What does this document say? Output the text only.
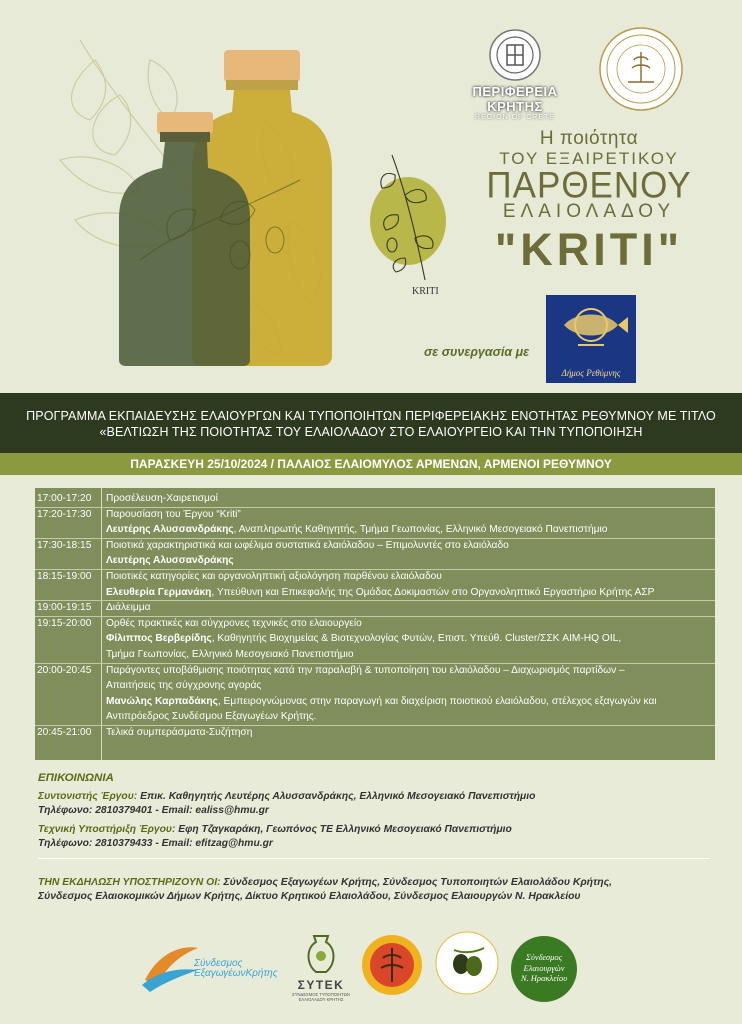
ΠΕΡΙΦΕΡΕΙΑ ΚΡΗΤΗΣ
REGION OF CRETE
Η ποιότητα
ΤΟΥ ΕΞΑΙΡΕΤΙΚΟΥ
ΠΑΡΘΕΝΟΥ
ΕΛΑΙΟΛΑΔΟΥ
"KRITI"
KRITI
σε συνεργασία με
Δήμος Ρεθύμνης
ΠΡΟΓΡΑΜΜΑ ΕΚΠΑΙΔΕΥΣΗΣ ΕΛΑΙΟΥΡΓΩΝ ΚΑΙ ΤΥΠΟΠΟΙΗΤΩΝ ΠΕΡΙΦΕΡΕΙΑΚΗΣ ΕΝΟΤΗΤΑΣ ΡΕΘΥΜΝΟΥ ΜΕ ΤΙΤΛΟ
«ΒΕΛΤΙΩΣΗ ΤΗΣ ΠΟΙΟΤΗΤΑΣ ΤΟΥ ΕΛΑΙΟΛΑΔΟΥ ΣΤΟ ΕΛΑΙΟΥΡΓΕΙΟ ΚΑΙ ΤΗΝ ΤΥΠΟΠΟΙΗΣΗ
ΠΑΡΑΣΚΕΥΗ 25/10/2024 / ΠΑΛΑΙΟΣ ΕΛΑΙΟΜΥΛΟΣ ΑΡΜΕΝΩΝ, ΑΡΜΕΝΟΙ ΡΕΘΥΜΝΟΥ
17:00-17:20	Προσέλευση-Χαιρετισμοί
17:20-17:30	Παρουσίαση του Έργου “Kriti”
Λευτέρης Αλυσσανδράκης, Αναπληρωτής Καθηγητής, Τμήμα Γεωπονίας, Ελληνικό Μεσογειακό Πανεπιστήμιο
17:30-18:15	Ποιοτικά χαρακτηριστικά και ωφέλιμα συστατικά ελαιόλαδου – Επιμολυντές στο ελαιόλαδο
Λευτέρης Αλυσσανδράκης
18:15-19:00	Ποιοτικές κατηγορίες και οργανοληπτική αξιολόγηση παρθένου ελαιόλαδου
Ελευθερία Γερμανάκη, Υπεύθυνη και Επικεφαλής της Ομάδας Δοκιμαστών στο Οργανοληπτικό Εργαστήριο Κρήτης ΑΣΡ
19:00-19:15	Διάλειμμα
19:15-20:00	Ορθές πρακτικές και σύγχρονες τεχνικές στο ελαιουργείο
Φίλιππος Βερβερίδης, Καθηγητής Βιοχημείας & Βιοτεχνολογίας Φυτών, Επιστ. Υπεύθ. Cluster/ΣΣΚ AIM-HQ OIL,
Τμήμα Γεωπονίας, Ελληνικό Μεσογειακό Πανεπιστήμιο
20:00-20:45	Παράγοντες υποβάθμισης ποιότητας κατά την παραλαβή & τυποποίηση του ελαιόλαδου – Διαχωρισμός παρτίδων –
Απαιτήσεις της σύγχρονης αγοράς
Μανώλης Καρπαδάκης, Εμπειρογνώμονας στην παραγωγή και διαχείριση ποιοτικού ελαιόλαδου, στέλεχος εξαγωγών και
Αντιπρόεδρος Συνδέσμου Εξαγωγέων Κρήτης.
20:45-21:00	Τελικά συμπεράσματα-Συζήτηση
ΕΠΙΚΟΙΝΩΝΙΑ
Συντονιστής Έργου: Επικ. Καθηγητής Λευτέρης Αλυσσανδράκης, Ελληνικό Μεσογειακό Πανεπιστήμιο
Τηλέφωνο: 2810379401 - Email: ealiss@hmu.gr
Τεχνική Υποστήριξη Έργου: Εφη Τζαγκαράκη, Γεωπόνος ΤΕ Ελληνικό Μεσογειακό Πανεπιστήμιο
Τηλέφωνο: 2810379433 - Email: efitzag@hmu.gr
ΤΗΝ ΕΚΔΗΛΩΣΗ ΥΠΟΣΤΗΡΙΖΟΥΝ ΟΙ: Σύνδεσμος Εξαγωγέων Κρήτης, Σύνδεσμος Τυποποιητών Ελαιολάδου Κρήτης,
Σύνδεσμος Ελαιοκομικών Δήμων Κρήτης, Δίκτυο Κρητικού Ελαιολάδου, Σύνδεσμος Ελαιουργών Ν. Ηρακλείου
Σύνδεσμος
ΕξαγωγέωνΚρήτης
ΣΥΤΕΚ
ΣΥΝΔΕΣΜΟΣ ΤΥΠΟΠΟΙΗΤΩΝ ΕΛΑΙΟΛΑΔΟΥ ΚΡΗΤΗΣ
Σύνδεσμος
Ελαιουργών
Ν. Ηρακλείου
